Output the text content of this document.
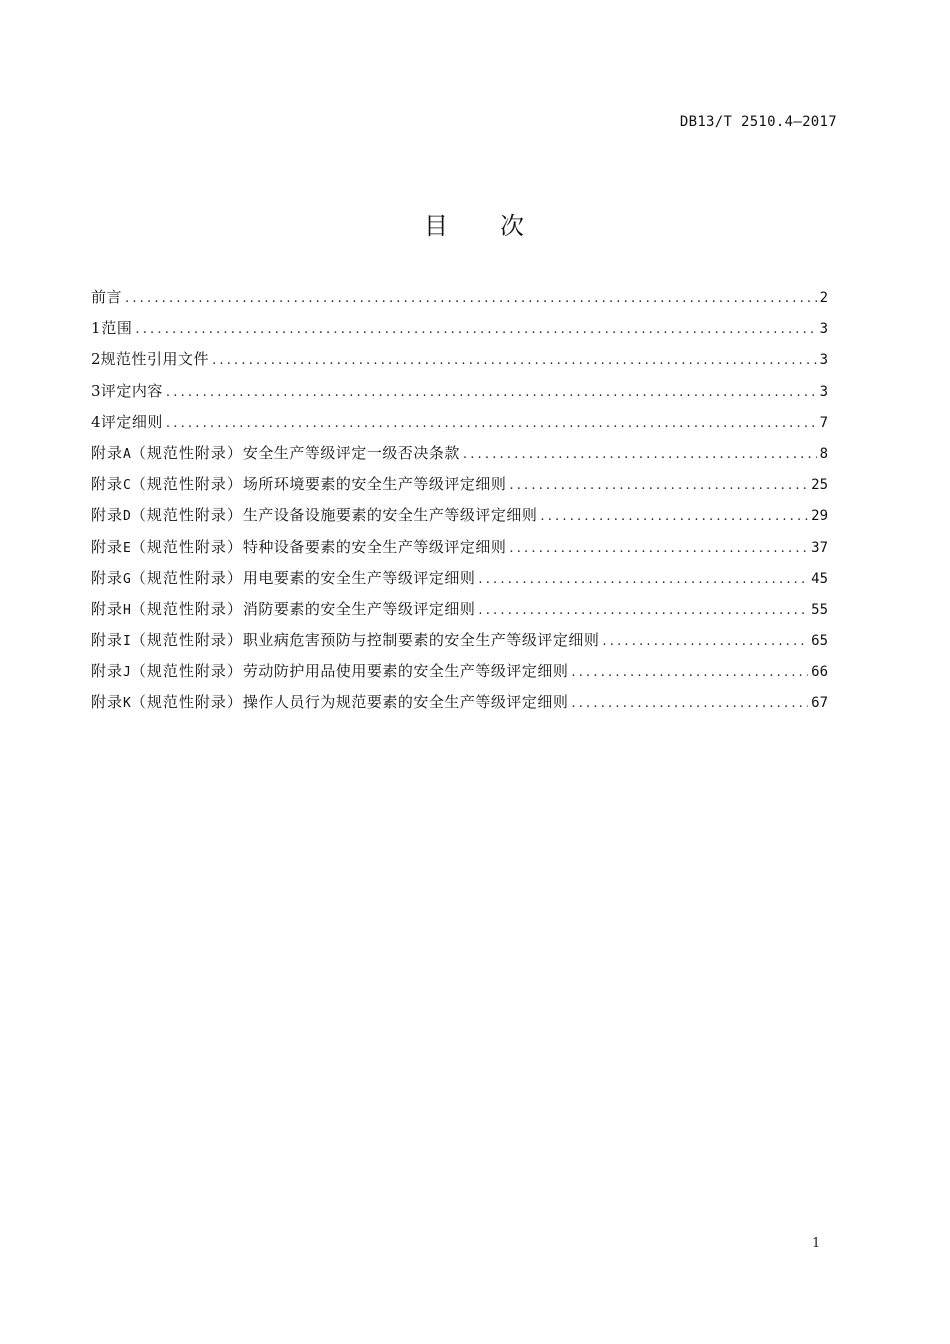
DB13/T 2510.4—2017
目 次
前言 .....	2
1 范围 .....	3
2 规范性引用文件 .....	3
3 评定内容 .....	3
4 评定细则 .....	7
附录 A （规范性附录） 安全生产等级评定一级否决条款 .....	8
附录 C （规范性附录） 场所环境要素的安全生产等级评定细则 .....	25
附录 D （规范性附录） 生产设备设施要素的安全生产等级评定细则 .....	29
附录 E （规范性附录） 特种设备要素的安全生产等级评定细则 .....	37
附录 G （规范性附录） 用电要素的安全生产等级评定细则 .....	45
附录 H （规范性附录） 消防要素的安全生产等级评定细则 .....	55
附录 I （规范性附录） 职业病危害预防与控制要素的安全生产等级评定细则 .....	65
附录 J （规范性附录） 劳动防护用品使用要素的安全生产等级评定细则 .....	66
附录 K （规范性附录） 操作人员行为规范要素的安全生产等级评定细则 .....	67
1
